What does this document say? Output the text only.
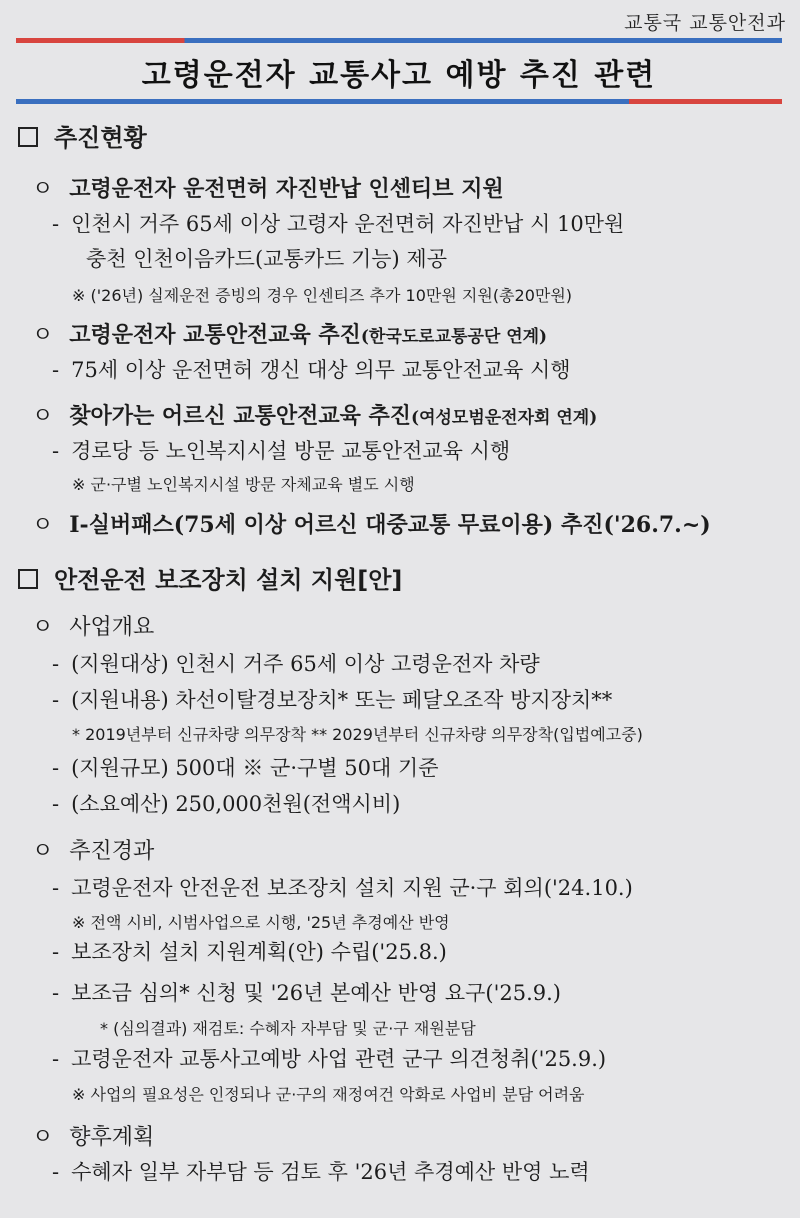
교통국 교통안전과
고령운전자 교통사고 예방 추진 관련
추진현황
ㅇ 고령운전자 운전면허 자진반납 인센티브 지원
- 인천시 거주 65세 이상 고령자 운전면허 자진반납 시 10만원
충천 인천이음카드(교통카드 기능) 제공
※ ('26년) 실제운전 증빙의 경우 인센티즈 추가 10만원 지원(총20만원)
ㅇ 고령운전자 교통안전교육 추진(한국도로교통공단 연계)
- 75세 이상 운전면허 갱신 대상 의무 교통안전교육 시행
ㅇ 찾아가는 어르신 교통안전교육 추진(여성모범운전자회 연계)
- 경로당 등 노인복지시설 방문 교통안전교육 시행
※ 군·구별 노인복지시설 방문 자체교육 별도 시행
ㅇ I-실버패스(75세 이상 어르신 대중교통 무료이용) 추진('26.7.~)
안전운전 보조장치 설치 지원[안]
ㅇ 사업개요
- (지원대상) 인천시 거주 65세 이상 고령운전자 차량
- (지원내용) 차선이탈경보장치* 또는 페달오조작 방지장치**
* 2019년부터 신규차량 의무장착 ** 2029년부터 신규차량 의무장착(입법예고중)
- (지원규모) 500대 ※ 군·구별 50대 기준
- (소요예산) 250,000천원(전액시비)
ㅇ 추진경과
- 고령운전자 안전운전 보조장치 설치 지원 군·구 회의('24.10.)
※ 전액 시비, 시범사업으로 시행, '25년 추경예산 반영
- 보조장치 설치 지원계획(안) 수립('25.8.)
- 보조금 심의* 신청 및 '26년 본예산 반영 요구('25.9.)
* (심의결과) 재검토: 수혜자 자부담 및 군·구 재원분담
- 고령운전자 교통사고예방 사업 관련 군구 의견청취('25.9.)
※ 사업의 필요성은 인정되나 군·구의 재정여건 악화로 사업비 분담 어려움
ㅇ 향후계획
- 수혜자 일부 자부담 등 검토 후 '26년 추경예산 반영 노력
